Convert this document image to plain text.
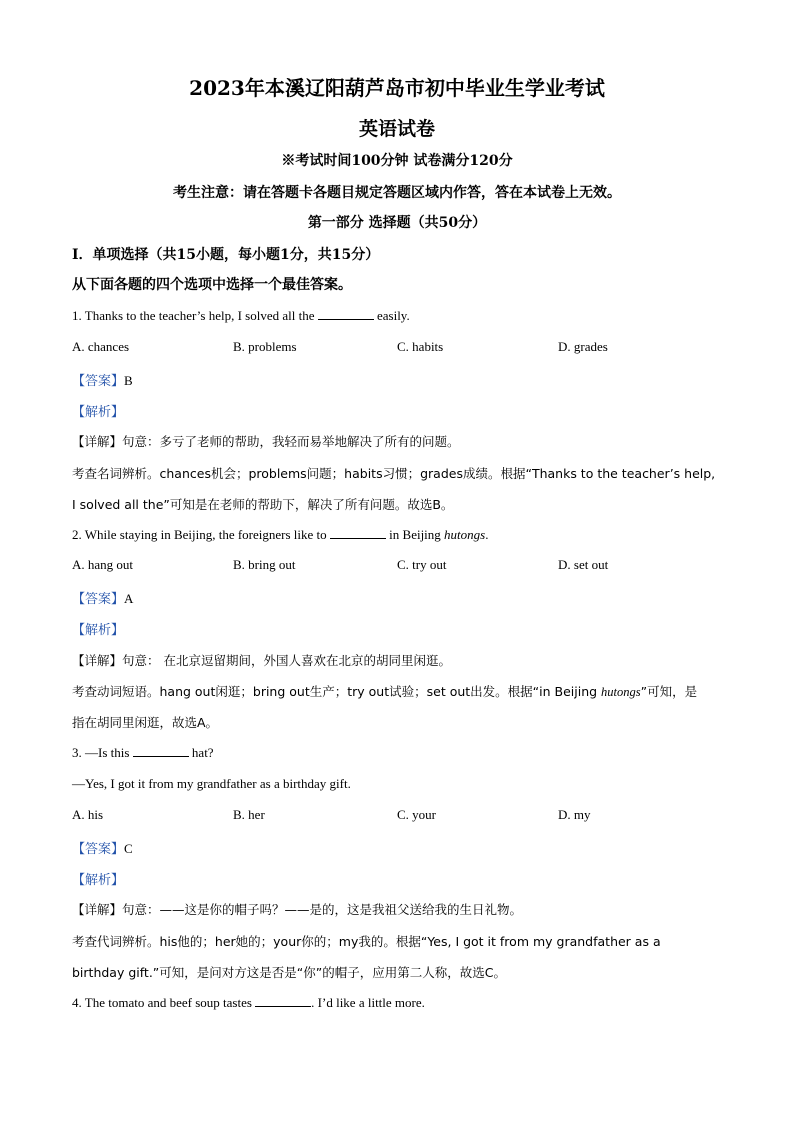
2023年本溪辽阳葫芦岛市初中毕业生学业考试
英语试卷
※考试时间100分钟 试卷满分120分
考生注意：请在答题卡各题目规定答题区域内作答，答在本试卷上无效。
第一部分 选择题（共50分）
Ⅰ．单项选择（共15小题，每小题1分，共15分）
从下面各题的四个选项中选择一个最佳答案。
1. Thanks to the teacher’s help, I solved all the	easily.
A. chances	B. problems	C. habits	D. grades
【答案】B
【解析】
【详解】句意：多亏了老师的帮助，我轻而易举地解决了所有的问题。
考查名词辨析。chances机会；problems问题；habits习惯；grades成绩。根据“Thanks to the teacher’s help,
I solved all the”可知是在老师的帮助下，解决了所有问题。故选B。
2. While staying in Beijing, the foreigners like to	in Beijing hutongs.
A. hang out	B. bring out	C. try out	D. set out
【答案】A
【解析】
【详解】句意： 在北京逗留期间，外国人喜欢在北京的胡同里闲逛。
考查动词短语。hang out闲逛；bring out生产；try out试验；set out出发。根据“in Beijing hutongs”可知，是
指在胡同里闲逛，故选A。
3. —Is this	hat?
—Yes, I got it from my grandfather as a birthday gift.
A. his	B. her	C. your	D. my
【答案】C
【解析】
【详解】句意：——这是你的帽子吗？——是的，这是我祖父送给我的生日礼物。
考查代词辨析。his他的；her她的；your你的；my我的。根据“Yes, I got it from my grandfather as a
birthday gift.”可知，是问对方这是否是“你”的帽子，应用第二人称，故选C。
4. The tomato and beef soup tastes	. I’d like a little more.
